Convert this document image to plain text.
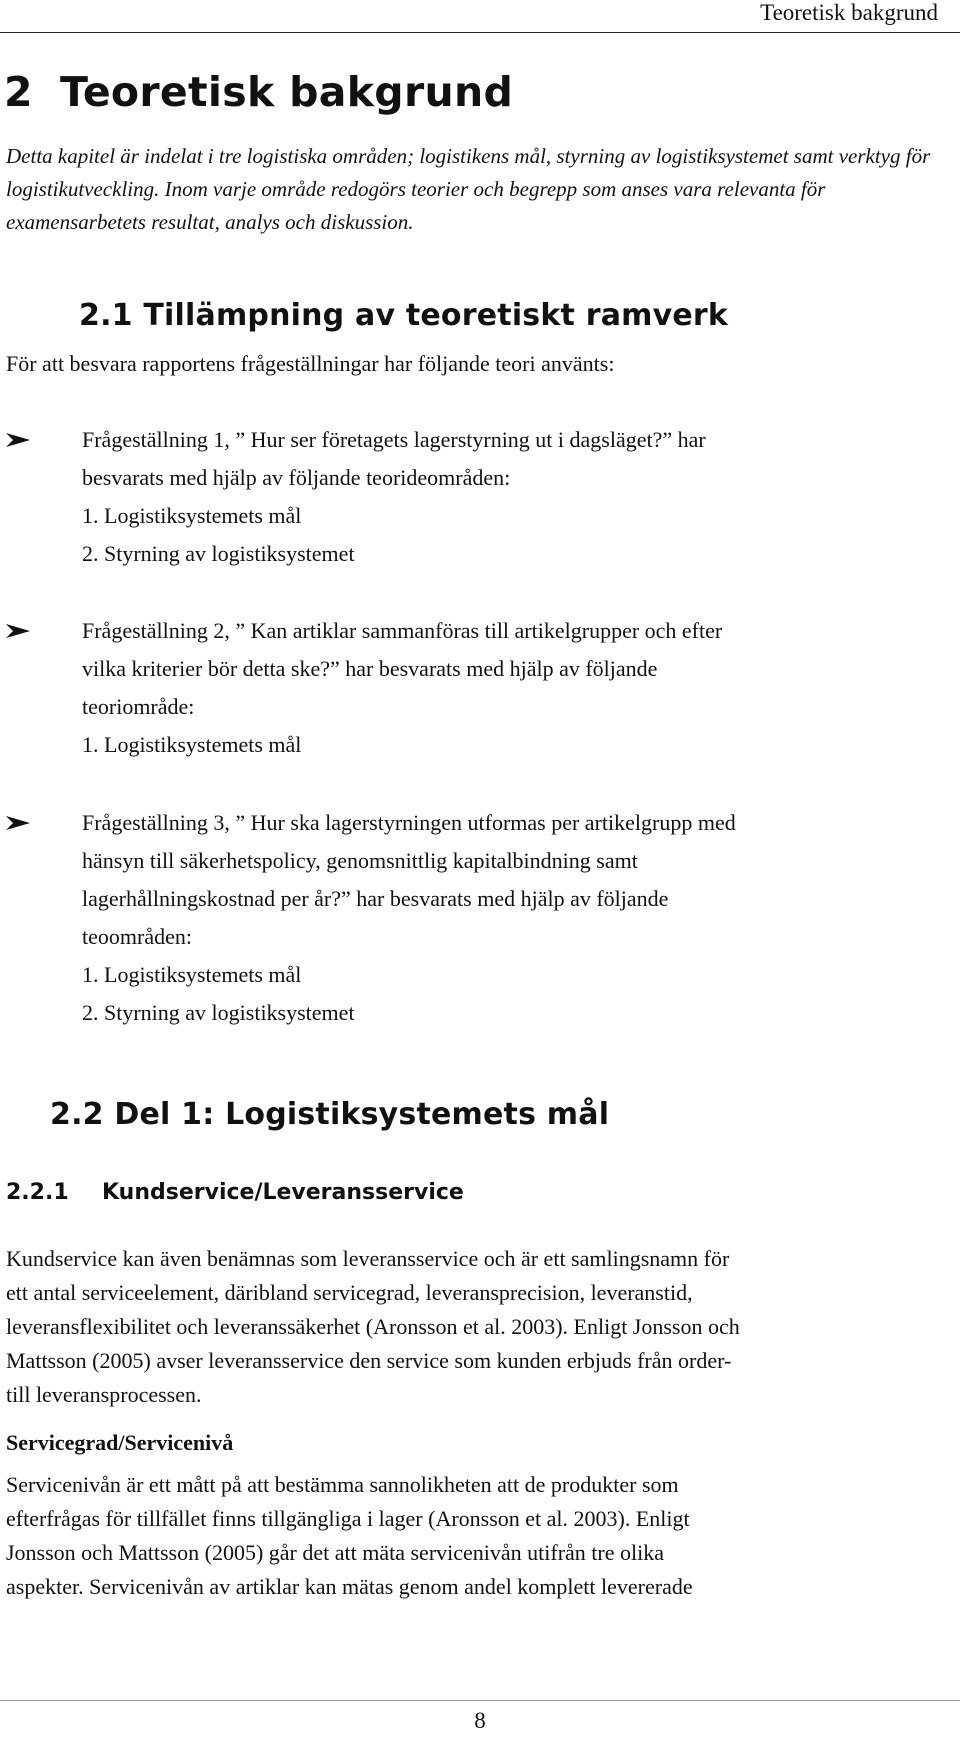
Teoretisk bakgrund
2 Teoretisk bakgrund
Detta kapitel är indelat i tre logistiska områden; logistikens mål, styrning av logistiksystemet samt verktyg för logistikutveckling. Inom varje område redogörs teorier och begrepp som anses vara relevanta för examensarbetets resultat, analys och diskussion.
2.1 Tillämpning av teoretiskt ramverk
För att besvara rapportens frågeställningar har följande teori använts:
Frågeställning 1, ” Hur ser företagets lagerstyrning ut i dagsläget?” har
besvarats med hjälp av följande teorideområden:
1. Logistiksystemets mål
2. Styrning av logistiksystemet
Frågeställning 2, ” Kan artiklar sammanföras till artikelgrupper och efter
vilka kriterier bör detta ske?” har besvarats med hjälp av följande
teoriområde:
1. Logistiksystemets mål
Frågeställning 3, ” Hur ska lagerstyrningen utformas per artikelgrupp med
hänsyn till säkerhetspolicy, genomsnittlig kapitalbindning samt
lagerhållningskostnad per år?” har besvarats med hjälp av följande
teoområden:
1. Logistiksystemets mål
2. Styrning av logistiksystemet
2.2 Del 1: Logistiksystemets mål
2.2.1 Kundservice/Leveransservice
Kundservice kan även benämnas som leveransservice och är ett samlingsnamn för
ett antal serviceelement, däribland servicegrad, leveransprecision, leveranstid,
leveransflexibilitet och leveranssäkerhet (Aronsson et al. 2003). Enligt Jonsson och
Mattsson (2005) avser leveransservice den service som kunden erbjuds från order-
till leveransprocessen.
Servicegrad/Servicenivå
Servicenivån är ett mått på att bestämma sannolikheten att de produkter som
efterfrågas för tillfället finns tillgängliga i lager (Aronsson et al. 2003). Enligt
Jonsson och Mattsson (2005) går det att mäta servicenivån utifrån tre olika
aspekter. Servicenivån av artiklar kan mätas genom andel komplett levererade
8
